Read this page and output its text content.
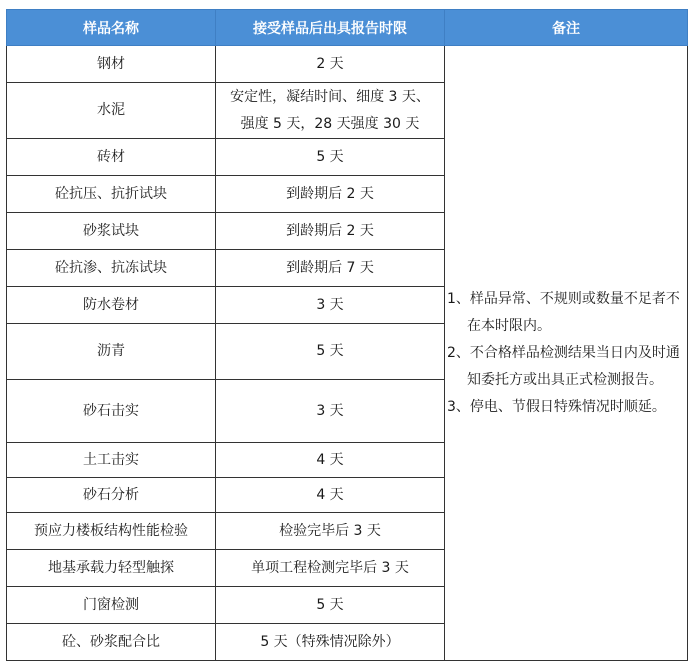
样品名称	接受样品后出具报告时限	备注
钢材	2 天	1、样品异常、不规则或数量不足者不在本时限内。
2、不合格样品检测结果当日内及时通知委托方或出具正式检测报告。
3、停电、节假日特殊情况时顺延。

水泥	安定性，凝结时间、细度 3 天、强度 5 天，28 天强度 30 天	
砖材	5 天	
砼抗压、抗折试块	到龄期后 2 天	
砂浆试块	到龄期后 2 天	
砼抗渗、抗冻试块	到龄期后 7 天	
防水卷材	3 天	
沥青	5 天	
砂石击实	3 天	
土工击实	4 天	
砂石分析	4 天	
预应力楼板结构性能检验	检验完毕后 3 天	
地基承载力轻型触探	单项工程检测完毕后 3 天	
门窗检测	5 天	
砼、砂浆配合比	5 天（特殊情况除外）	
